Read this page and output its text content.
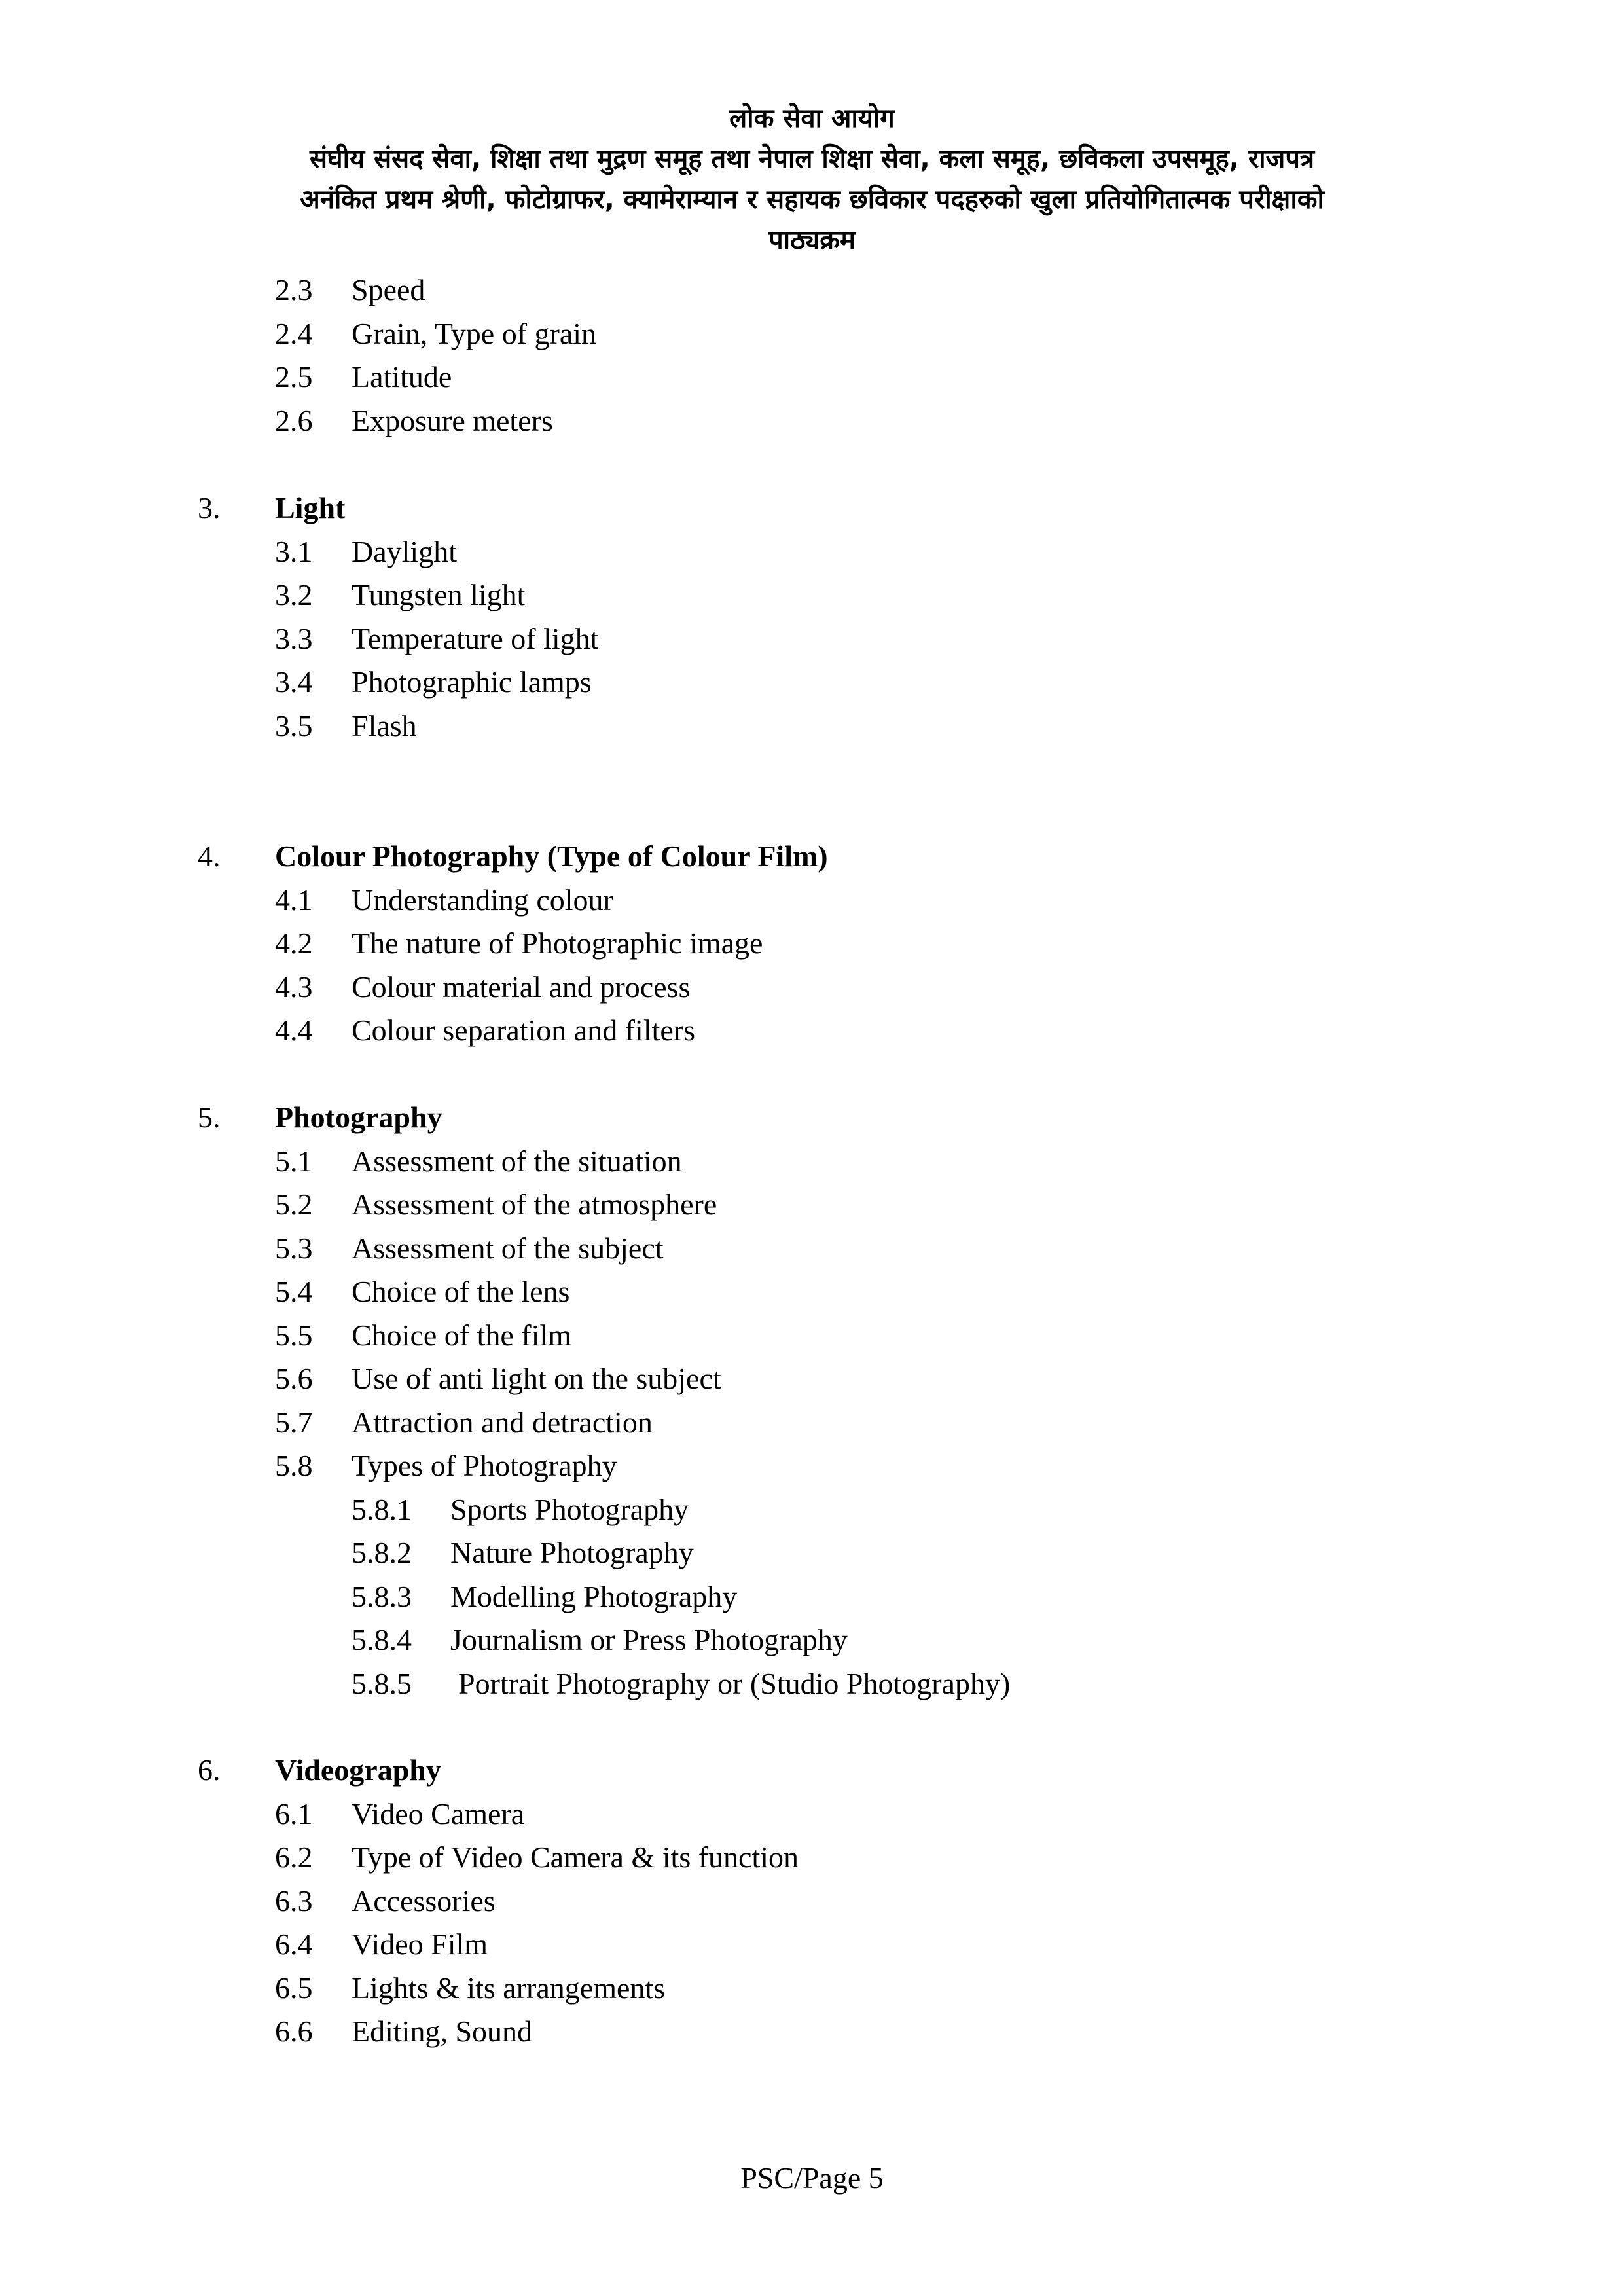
लोक सेवा आयोग
संघीय संसद सेवा, शिक्षा तथा मुद्रण समूह तथा नेपाल शिक्षा सेवा, कला समूह, छविकला उपसमूह, राजपत्र
अनंकित प्रथम श्रेणी, फोटोग्राफर, क्यामेराम्यान र सहायक छविकार पदहरुको खुला प्रतियोगितात्मक परीक्षाको
पाठ्यक्रम
2.3 Speed
2.4 Grain, Type of grain
2.5 Latitude
2.6 Exposure meters
3. Light
3.1 Daylight
3.2 Tungsten light
3.3 Temperature of light
3.4 Photographic lamps
3.5 Flash
4. Colour Photography (Type of Colour Film)
4.1 Understanding colour
4.2 The nature of Photographic image
4.3 Colour material and process
4.4 Colour separation and filters
5. Photography
5.1 Assessment of the situation
5.2 Assessment of the atmosphere
5.3 Assessment of the subject
5.4 Choice of the lens
5.5 Choice of the film
5.6 Use of anti light on the subject
5.7 Attraction and detraction
5.8 Types of Photography
5.8.1 Sports Photography
5.8.2 Nature Photography
5.8.3 Modelling Photography
5.8.4 Journalism or Press Photography
5.8.5 Portrait Photography or (Studio Photography)
6. Videography
6.1 Video Camera
6.2 Type of Video Camera & its function
6.3 Accessories
6.4 Video Film
6.5 Lights & its arrangements
6.6 Editing, Sound
PSC/Page 5
